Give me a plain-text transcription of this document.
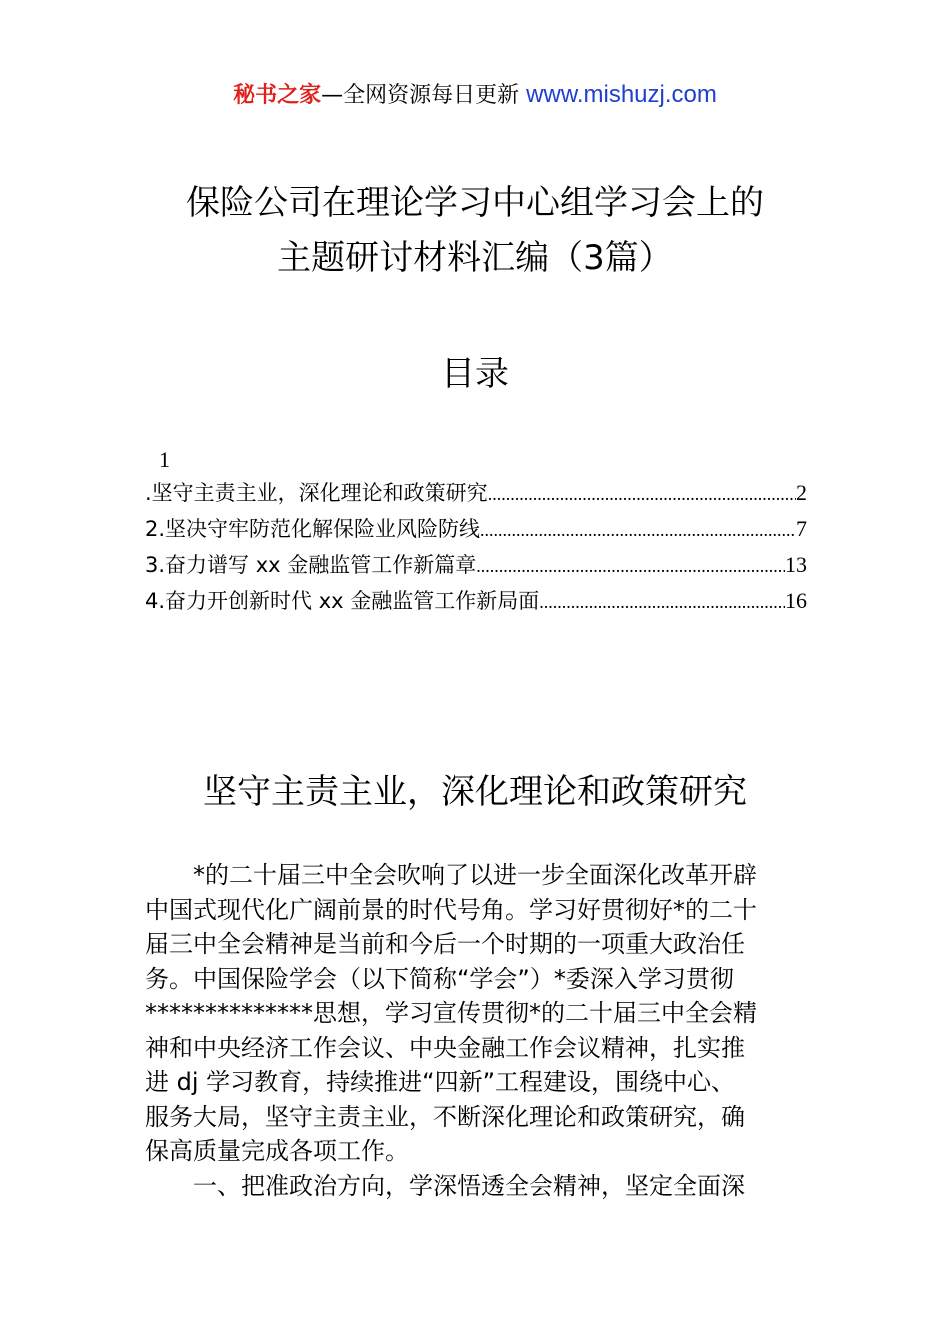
秘书之家—全网资源每日更新 www.mishuzj.com
保险公司在理论学习中心组学习会上的
主题研讨材料汇编（3篇）
目录
1
.坚守主责主业，深化理论和政策研究 .....	2
2.坚决守牢防范化解保险业风险防线 .....	7
3.奋力谱写 xx 金融监管工作新篇章 .....	13
4.奋力开创新时代 xx 金融监管工作新局面 .....	16
坚守主责主业，深化理论和政策研究

*的二十届三中全会吹响了以进一步全面深化改革开辟
中国式现代化广阔前景的时代号角。学习好贯彻好*的二十
届三中全会精神是当前和今后一个时期的一项重大政治任
务。中国保险学会（以下简称“学会”）*委深入学习贯彻
**************思想，学习宣传贯彻*的二十届三中全会精
神和中央经济工作会议、中央金融工作会议精神，扎实推
进 dj 学习教育，持续推进“四新”工程建设，围绕中心、
服务大局，坚守主责主业，不断深化理论和政策研究，确
保高质量完成各项工作。

一、把准政治方向，学深悟透全会精神，坚定全面深
